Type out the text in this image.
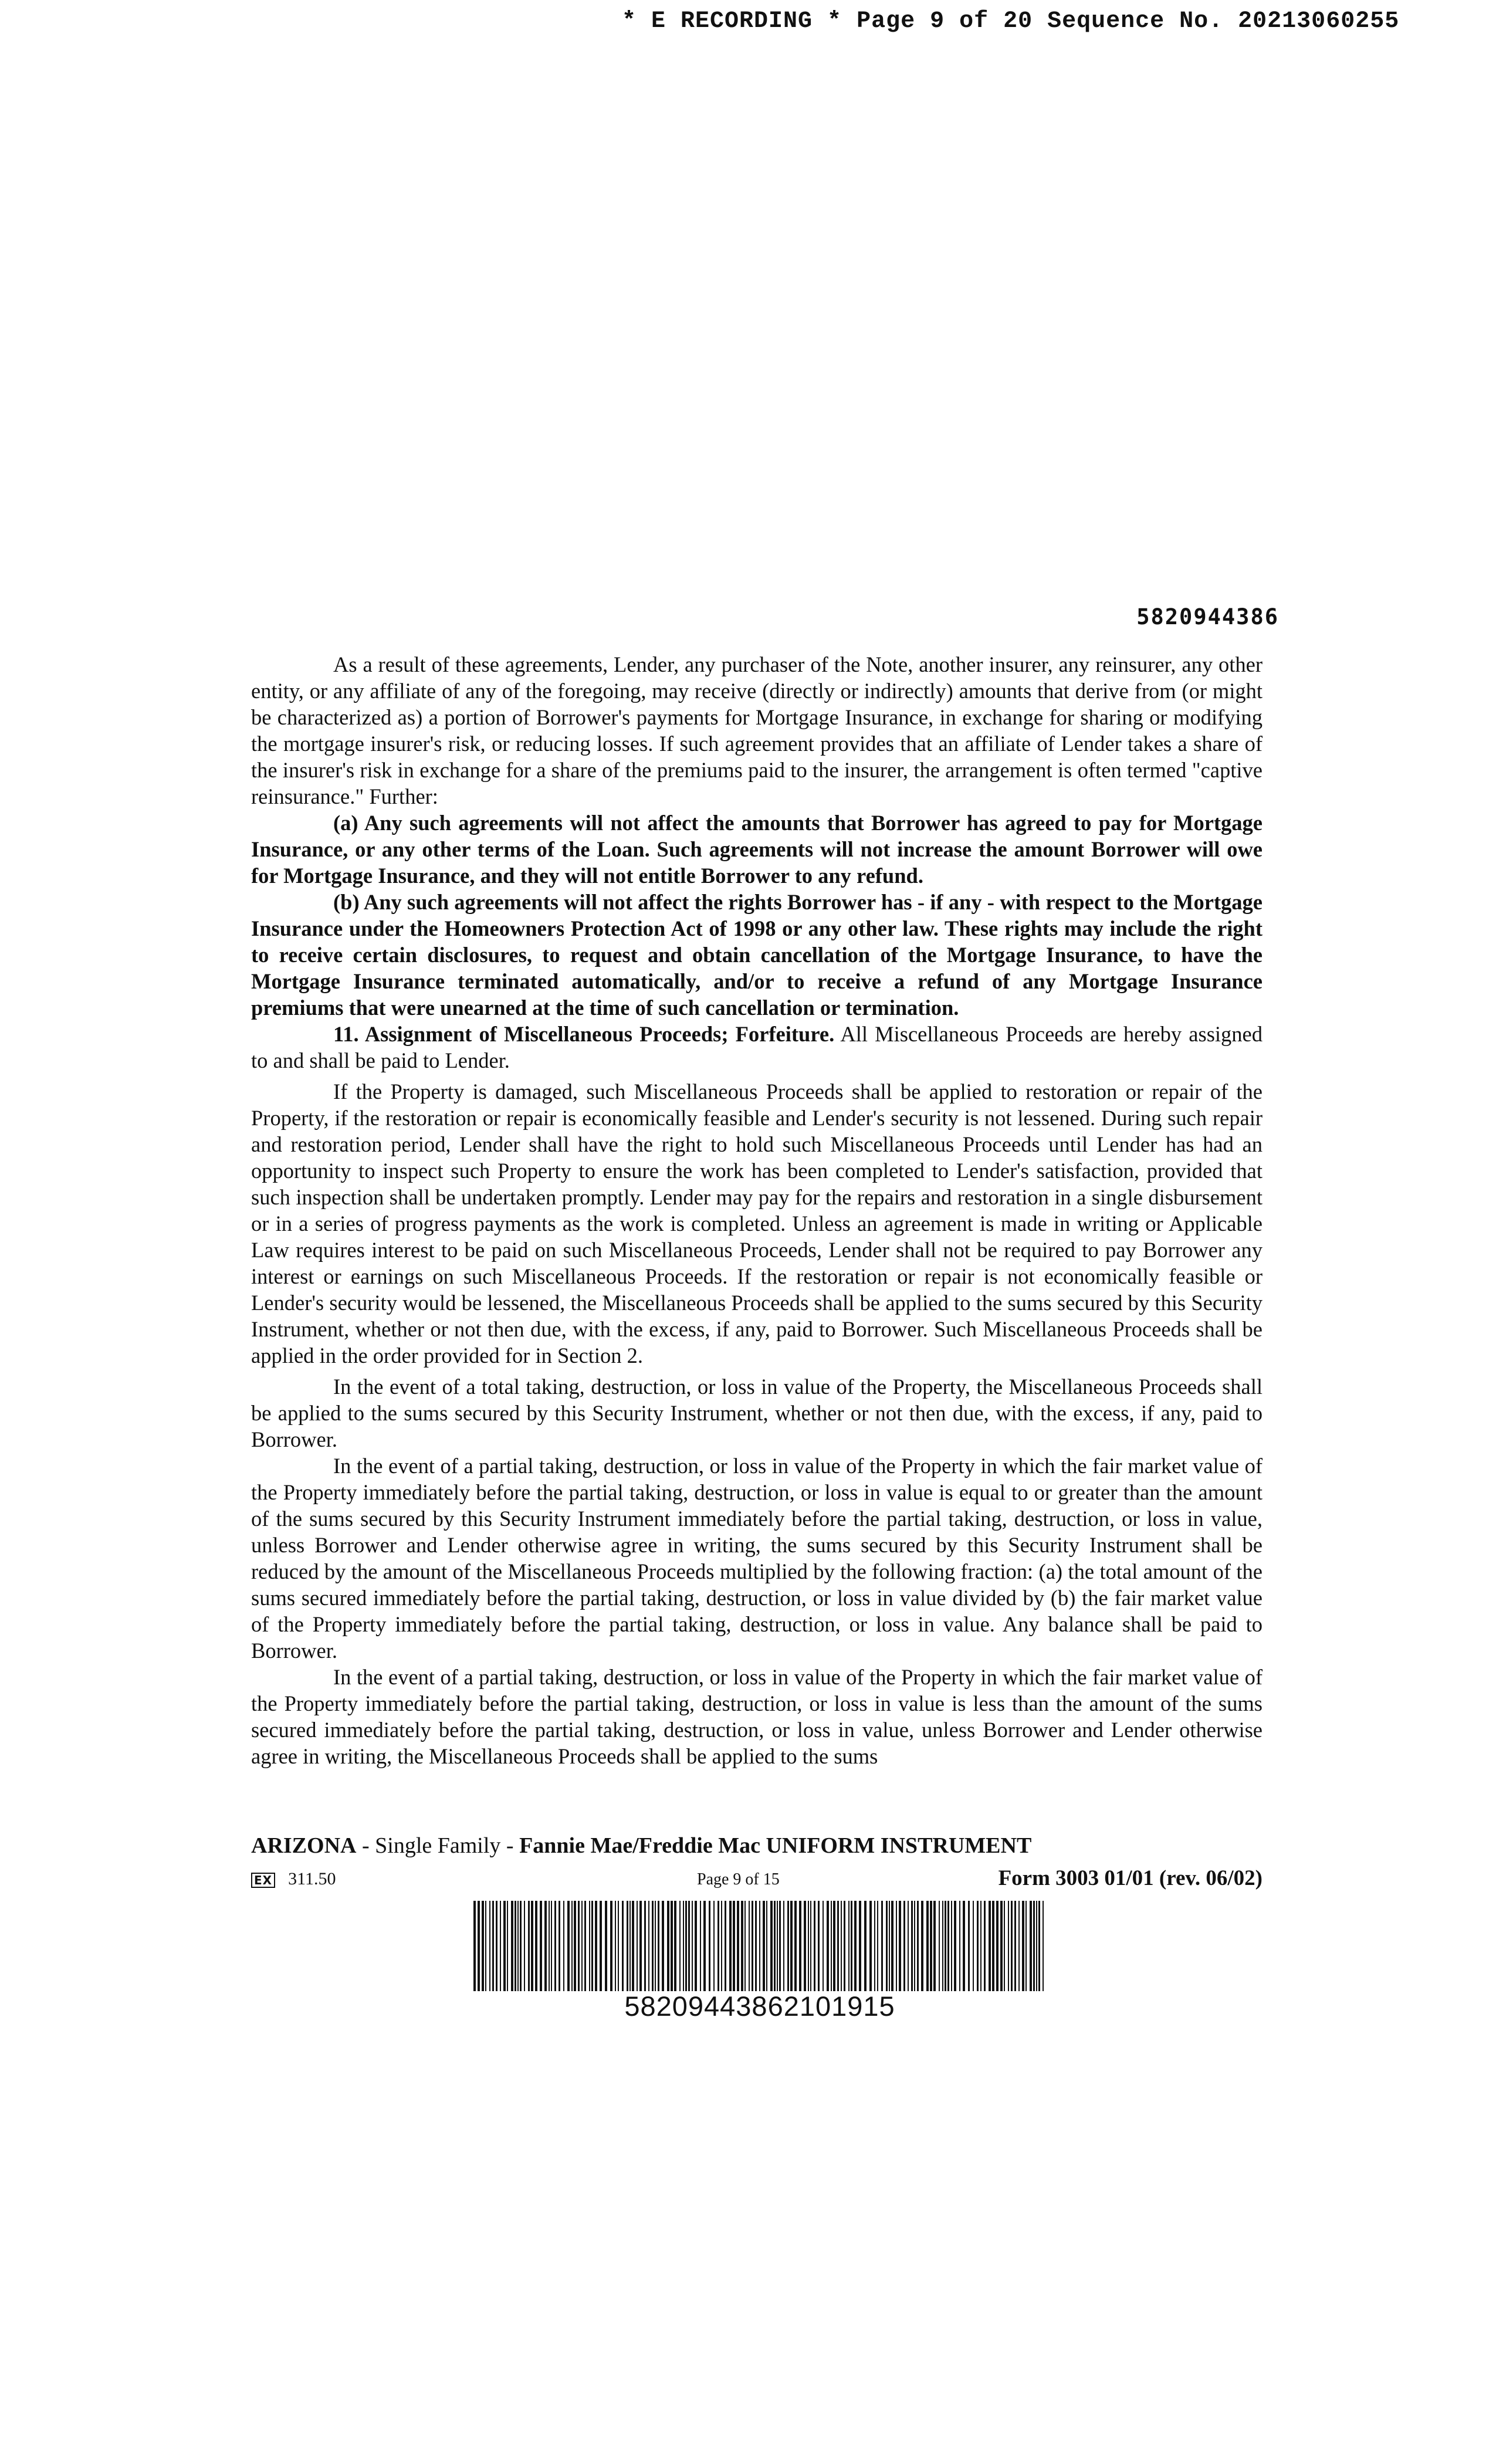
* E RECORDING * Page 9 of 20 Sequence No. 20213060255
5820944386

As a result of these agreements, Lender, any purchaser of the Note, another insurer, any reinsurer, any other entity, or any affiliate of any of the foregoing, may receive (directly or indirectly) amounts that derive from (or might be characterized as) a portion of Borrower's payments for Mortgage Insurance, in exchange for sharing or modifying the mortgage insurer's risk, or reducing losses. If such agreement provides that an affiliate of Lender takes a share of the insurer's risk in exchange for a share of the premiums paid to the insurer, the arrangement is often termed "captive reinsurance." Further:

(a) Any such agreements will not affect the amounts that Borrower has agreed to pay for Mortgage Insurance, or any other terms of the Loan. Such agreements will not increase the amount Borrower will owe for Mortgage Insurance, and they will not entitle Borrower to any refund.

(b) Any such agreements will not affect the rights Borrower has - if any - with respect to the Mortgage Insurance under the Homeowners Protection Act of 1998 or any other law. These rights may include the right to receive certain disclosures, to request and obtain cancellation of the Mortgage Insurance, to have the Mortgage Insurance terminated automatically, and/or to receive a refund of any Mortgage Insurance premiums that were unearned at the time of such cancellation or termination.

11. Assignment of Miscellaneous Proceeds; Forfeiture. All Miscellaneous Proceeds are hereby assigned to and shall be paid to Lender.

If the Property is damaged, such Miscellaneous Proceeds shall be applied to restoration or repair of the Property, if the restoration or repair is economically feasible and Lender's security is not lessened. During such repair and restoration period, Lender shall have the right to hold such Miscellaneous Proceeds until Lender has had an opportunity to inspect such Property to ensure the work has been completed to Lender's satisfaction, provided that such inspection shall be undertaken promptly. Lender may pay for the repairs and restoration in a single disbursement or in a series of progress payments as the work is completed. Unless an agreement is made in writing or Applicable Law requires interest to be paid on such Miscellaneous Proceeds, Lender shall not be required to pay Borrower any interest or earnings on such Miscellaneous Proceeds. If the restoration or repair is not economically feasible or Lender's security would be lessened, the Miscellaneous Proceeds shall be applied to the sums secured by this Security Instrument, whether or not then due, with the excess, if any, paid to Borrower. Such Miscellaneous Proceeds shall be applied in the order provided for in Section 2.

In the event of a total taking, destruction, or loss in value of the Property, the Miscellaneous Proceeds shall be applied to the sums secured by this Security Instrument, whether or not then due, with the excess, if any, paid to Borrower.

In the event of a partial taking, destruction, or loss in value of the Property in which the fair market value of the Property immediately before the partial taking, destruction, or loss in value is equal to or greater than the amount of the sums secured by this Security Instrument immediately before the partial taking, destruction, or loss in value, unless Borrower and Lender otherwise agree in writing, the sums secured by this Security Instrument shall be reduced by the amount of the Miscellaneous Proceeds multiplied by the following fraction: (a) the total amount of the sums secured immediately before the partial taking, destruction, or loss in value divided by (b) the fair market value of the Property immediately before the partial taking, destruction, or loss in value. Any balance shall be paid to Borrower.

In the event of a partial taking, destruction, or loss in value of the Property in which the fair market value of the Property immediately before the partial taking, destruction, or loss in value is less than the amount of the sums secured immediately before the partial taking, destruction, or loss in value, unless Borrower and Lender otherwise agree in writing, the Miscellaneous Proceeds shall be applied to the sums

ARIZONA - Single Family - Fannie Mae/Freddie Mac UNIFORM INSTRUMENT
EX 311.50	Page 9 of 15	Form 3003 01/01 (rev. 06/02)
58209443862101915
